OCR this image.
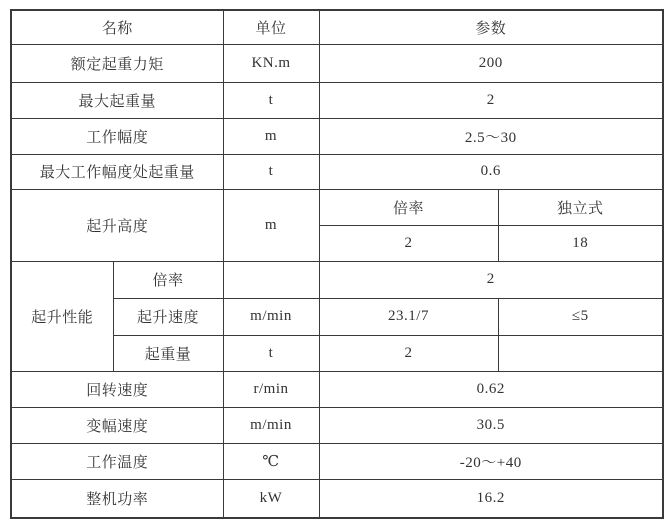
名称		单位	参数	
额定起重力矩		KN.m	200	
最大起重量		t	2	
工作幅度		m	2.5～30	
最大工作幅度处起重量		t	0.6	
起升高度		m	倍率	独立式
			2	18
起升性能	倍率		2	
	起升速度	m/min	23.1/7	≤5
	起重量	t	2	
回转速度		r/min	0.62	
变幅速度		m/min	30.5	
工作温度		℃	-20～+40	
整机功率		kW	16.2	
